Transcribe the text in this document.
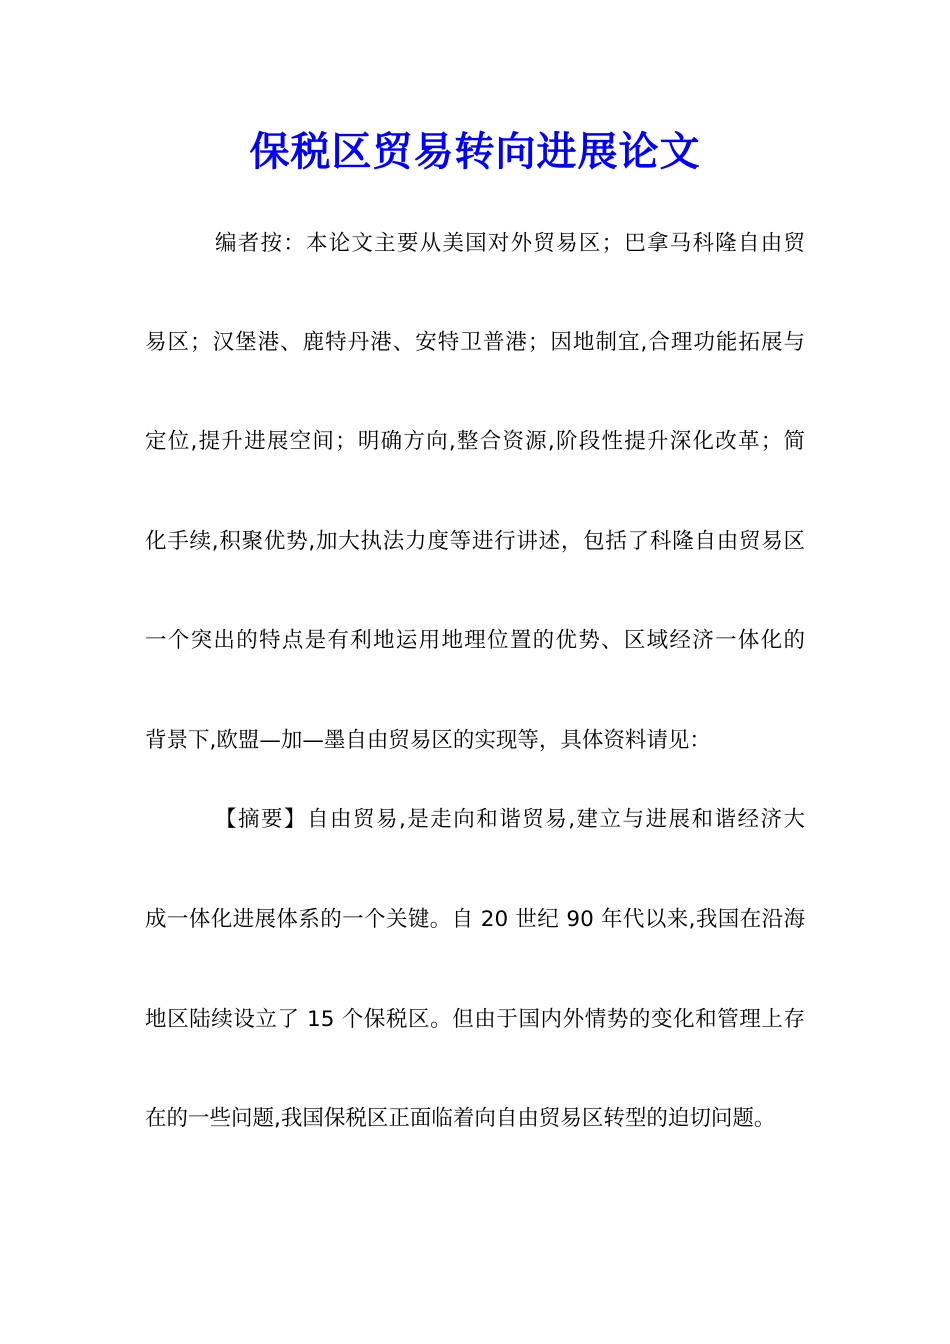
保税区贸易转向进展论文

编者按：本论文主要从美国对外贸易区；巴拿马科隆自由贸

易区；汉堡港、鹿特丹港、安特卫普港；因地制宜,合理功能拓展与

定位,提升进展空间；明确方向,整合资源,阶段性提升深化改革；简

化手续,积聚优势,加大执法力度等进行讲述，包括了科隆自由贸易区

一个突出的特点是有利地运用地理位置的优势、区域经济一体化的

背景下,欧盟—加—墨自由贸易区的实现等，具体资料请见：

【摘要】自由贸易,是走向和谐贸易,建立与进展和谐经济大

成一体化进展体系的一个关键。自 20 世纪 90 年代以来,我国在沿海

地区陆续设立了 15 个保税区。但由于国内外情势的变化和管理上存

在的一些问题,我国保税区正面临着向自由贸易区转型的迫切问题。
